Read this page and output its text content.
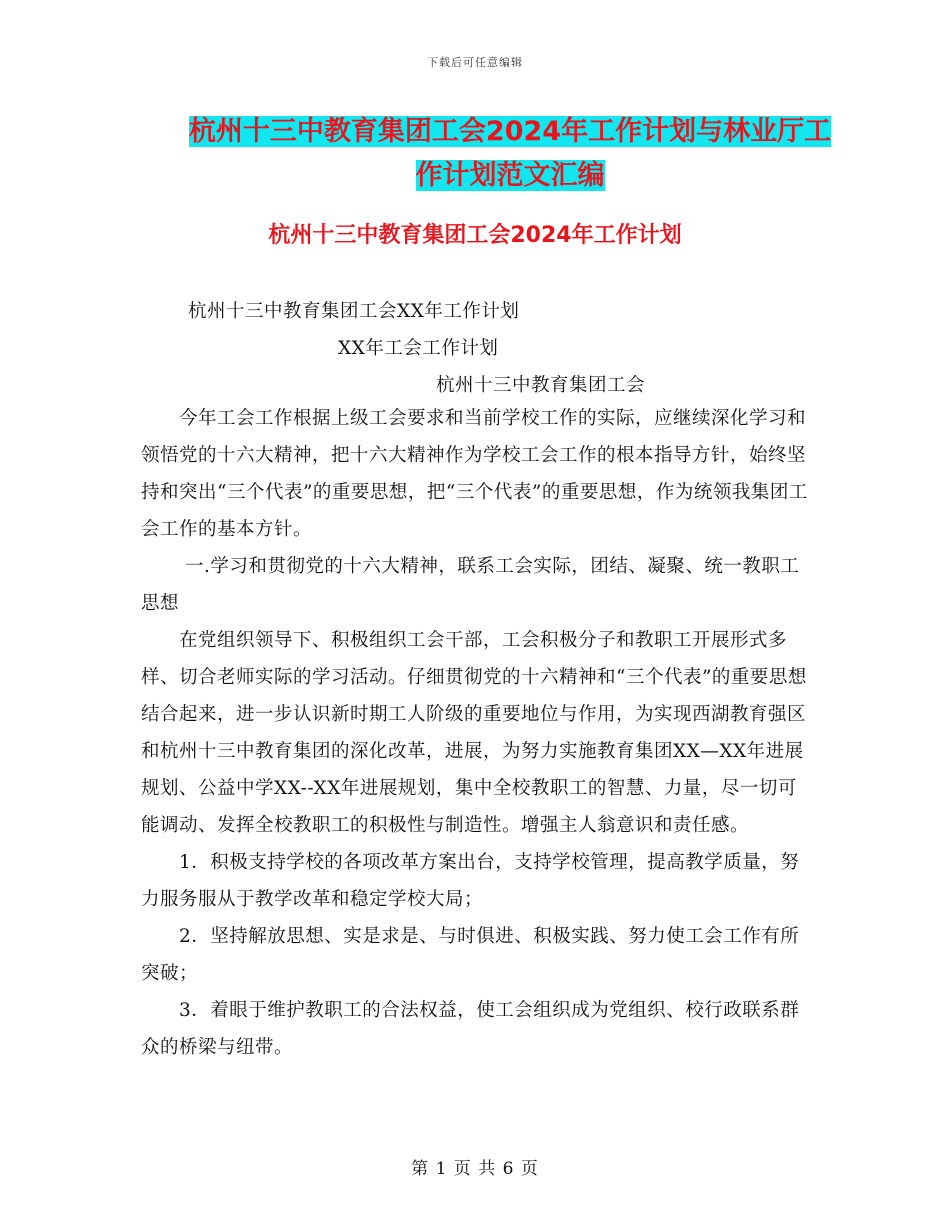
下载后可任意编辑
杭州十三中教育集团工会2024年工作计划与林业厅工
作计划范文汇编
杭州十三中教育集团工会2024年工作计划
杭州十三中教育集团工会XX年工作计划
XX年工会工作计划
杭州十三中教育集团工会

今年工会工作根据上级工会要求和当前学校工作的实际，应继续深化学习和领悟党的十六大精神，把十六大精神作为学校工会工作的根本指导方针，始终坚持和突出“三个代表”的重要思想，把“三个代表”的重要思想，作为统领我集团工会工作的基本方针。

一.学习和贯彻党的十六大精神，联系工会实际，团结、凝聚、统一教职工思想

在党组织领导下、积极组织工会干部，工会积极分子和教职工开展形式多样、切合老师实际的学习活动。仔细贯彻党的十六精神和“三个代表”的重要思想结合起来，进一步认识新时期工人阶级的重要地位与作用，为实现西湖教育强区和杭州十三中教育集团的深化改革，进展，为努力实施教育集团XX—XX年进展规划、公益中学XX--XX年进展规划，集中全校教职工的智慧、力量，尽一切可能调动、发挥全校教职工的积极性与制造性。增强主人翁意识和责任感。

1．积极支持学校的各项改革方案出台，支持学校管理，提高教学质量，努力服务服从于教学改革和稳定学校大局；

2．坚持解放思想、实是求是、与时俱进、积极实践、努力使工会工作有所突破；

3．着眼于维护教职工的合法权益，使工会组织成为党组织、校行政联系群众的桥梁与纽带。

第 1 页 共 6 页
